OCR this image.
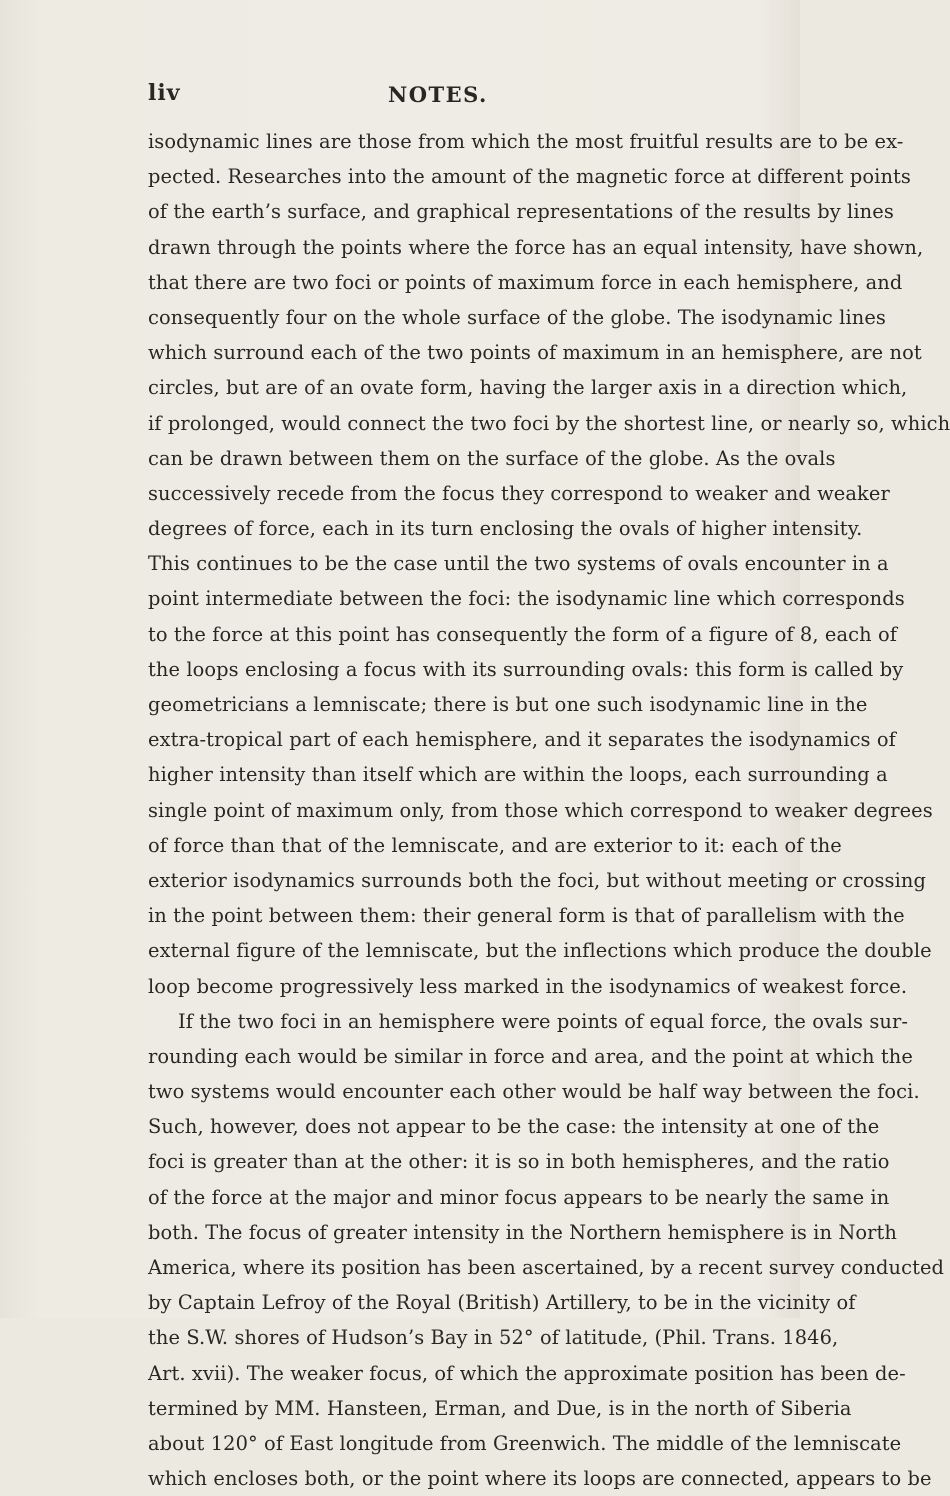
liv	NOTES.
isodynamic lines are those from which the most fruitful results are to be ex-
pected. Researches into the amount of the magnetic force at different points
of the earth’s surface, and graphical representations of the results by lines
drawn through the points where the force has an equal intensity, have shown,
that there are two foci or points of maximum force in each hemisphere, and
consequently four on the whole surface of the globe. The isodynamic lines
which surround each of the two points of maximum in an hemisphere, are not
circles, but are of an ovate form, having the larger axis in a direction which,
if prolonged, would connect the two foci by the shortest line, or nearly so, which
can be drawn between them on the surface of the globe. As the ovals
successively recede from the focus they correspond to weaker and weaker
degrees of force, each in its turn enclosing the ovals of higher intensity.
This continues to be the case until the two systems of ovals encounter in a
point intermediate between the foci: the isodynamic line which corresponds
to the force at this point has consequently the form of a figure of 8, each of
the loops enclosing a focus with its surrounding ovals: this form is called by
geometricians a lemniscate; there is but one such isodynamic line in the
extra-tropical part of each hemisphere, and it separates the isodynamics of
higher intensity than itself which are within the loops, each surrounding a
single point of maximum only, from those which correspond to weaker degrees
of force than that of the lemniscate, and are exterior to it: each of the
exterior isodynamics surrounds both the foci, but without meeting or crossing
in the point between them: their general form is that of parallelism with the
external figure of the lemniscate, but the inflections which produce the double
loop become progressively less marked in the isodynamics of weakest force.
If the two foci in an hemisphere were points of equal force, the ovals sur-
rounding each would be similar in force and area, and the point at which the
two systems would encounter each other would be half way between the foci.
Such, however, does not appear to be the case: the intensity at one of the
foci is greater than at the other: it is so in both hemispheres, and the ratio
of the force at the major and minor focus appears to be nearly the same in
both. The focus of greater intensity in the Northern hemisphere is in North
America, where its position has been ascertained, by a recent survey conducted
by Captain Lefroy of the Royal (British) Artillery, to be in the vicinity of
the S.W. shores of Hudson’s Bay in 52° of latitude, (Phil. Trans. 1846,
Art. xvii). The weaker focus, of which the approximate position has been de-
termined by MM. Hansteen, Erman, and Due, is in the north of Siberia
about 120° of East longitude from Greenwich. The middle of the lemniscate
which encloses both, or the point where its loops are connected, appears to be
